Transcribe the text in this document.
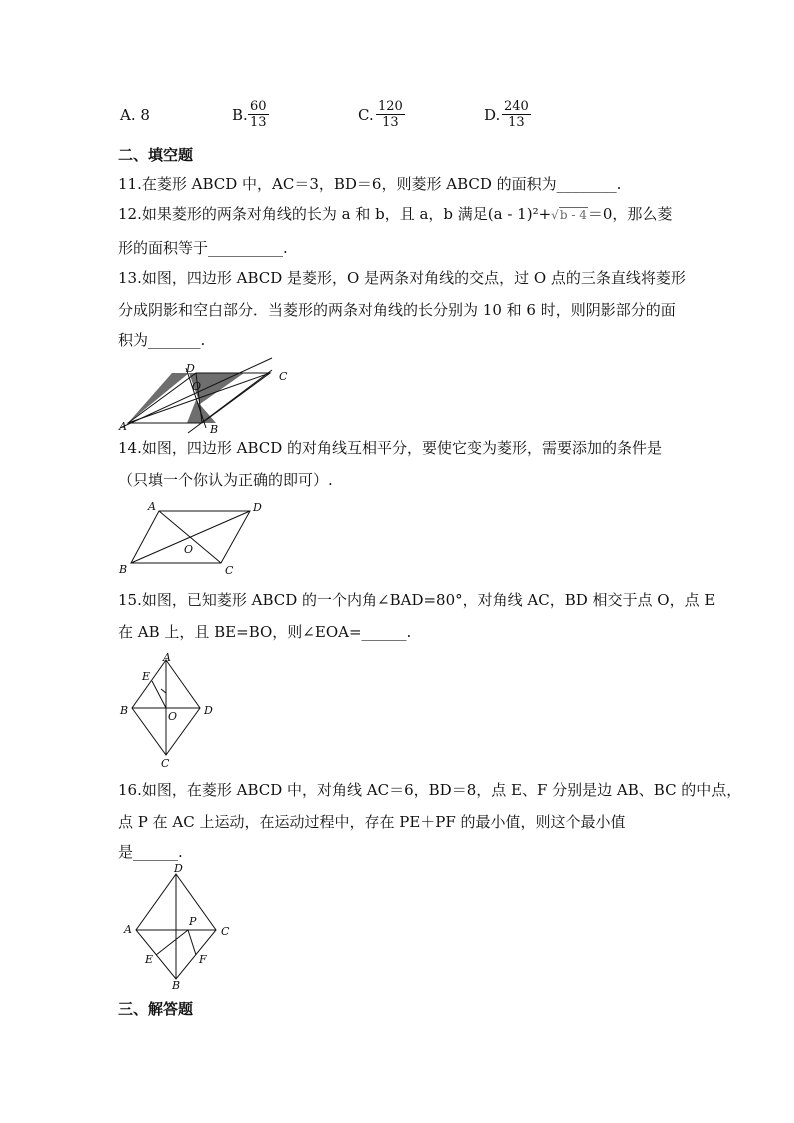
A. 8	B. $\frac{60}{13}$	C. $\frac{120}{13}$	D. $\frac{240}{13}$
二、填空题
11.在菱形 ABCD 中，AC＝3，BD＝6，则菱形 ABCD 的面积为________.
12.如果菱形的两条对角线的长为 a 和 b，且 a，b 满足(a - 1)²+√b - 4＝0，那么菱
形的面积等于__________.
13.如图，四边形 ABCD 是菱形，O 是两条对角线的交点，过 O 点的三条直线将菱形
分成阴影和空白部分．当菱形的两条对角线的长分别为 10 和 6 时，则阴影部分的面
积为_______.
D
O
C
A	B
14.如图，四边形 ABCD 的对角线互相平分，要使它变为菱形，需要添加的条件是
（只填一个你认为正确的即可）.
A	D
O
B	C
15.如图，已知菱形 ABCD 的一个内角∠BAD=80°，对角线 AC，BD 相交于点 O，点 E
在 AB 上，且 BE=BO，则∠EOA=______.
A
E
B	O D
C
16.如图，在菱形 ABCD 中，对角线 AC＝6，BD＝8，点 E、F 分别是边 AB、BC 的中点，
点 P 在 AC 上运动，在运动过程中，存在 PE＋PF 的最小值，则这个最小值
是______.
D
A	C
P
E	F
B
三、解答题
